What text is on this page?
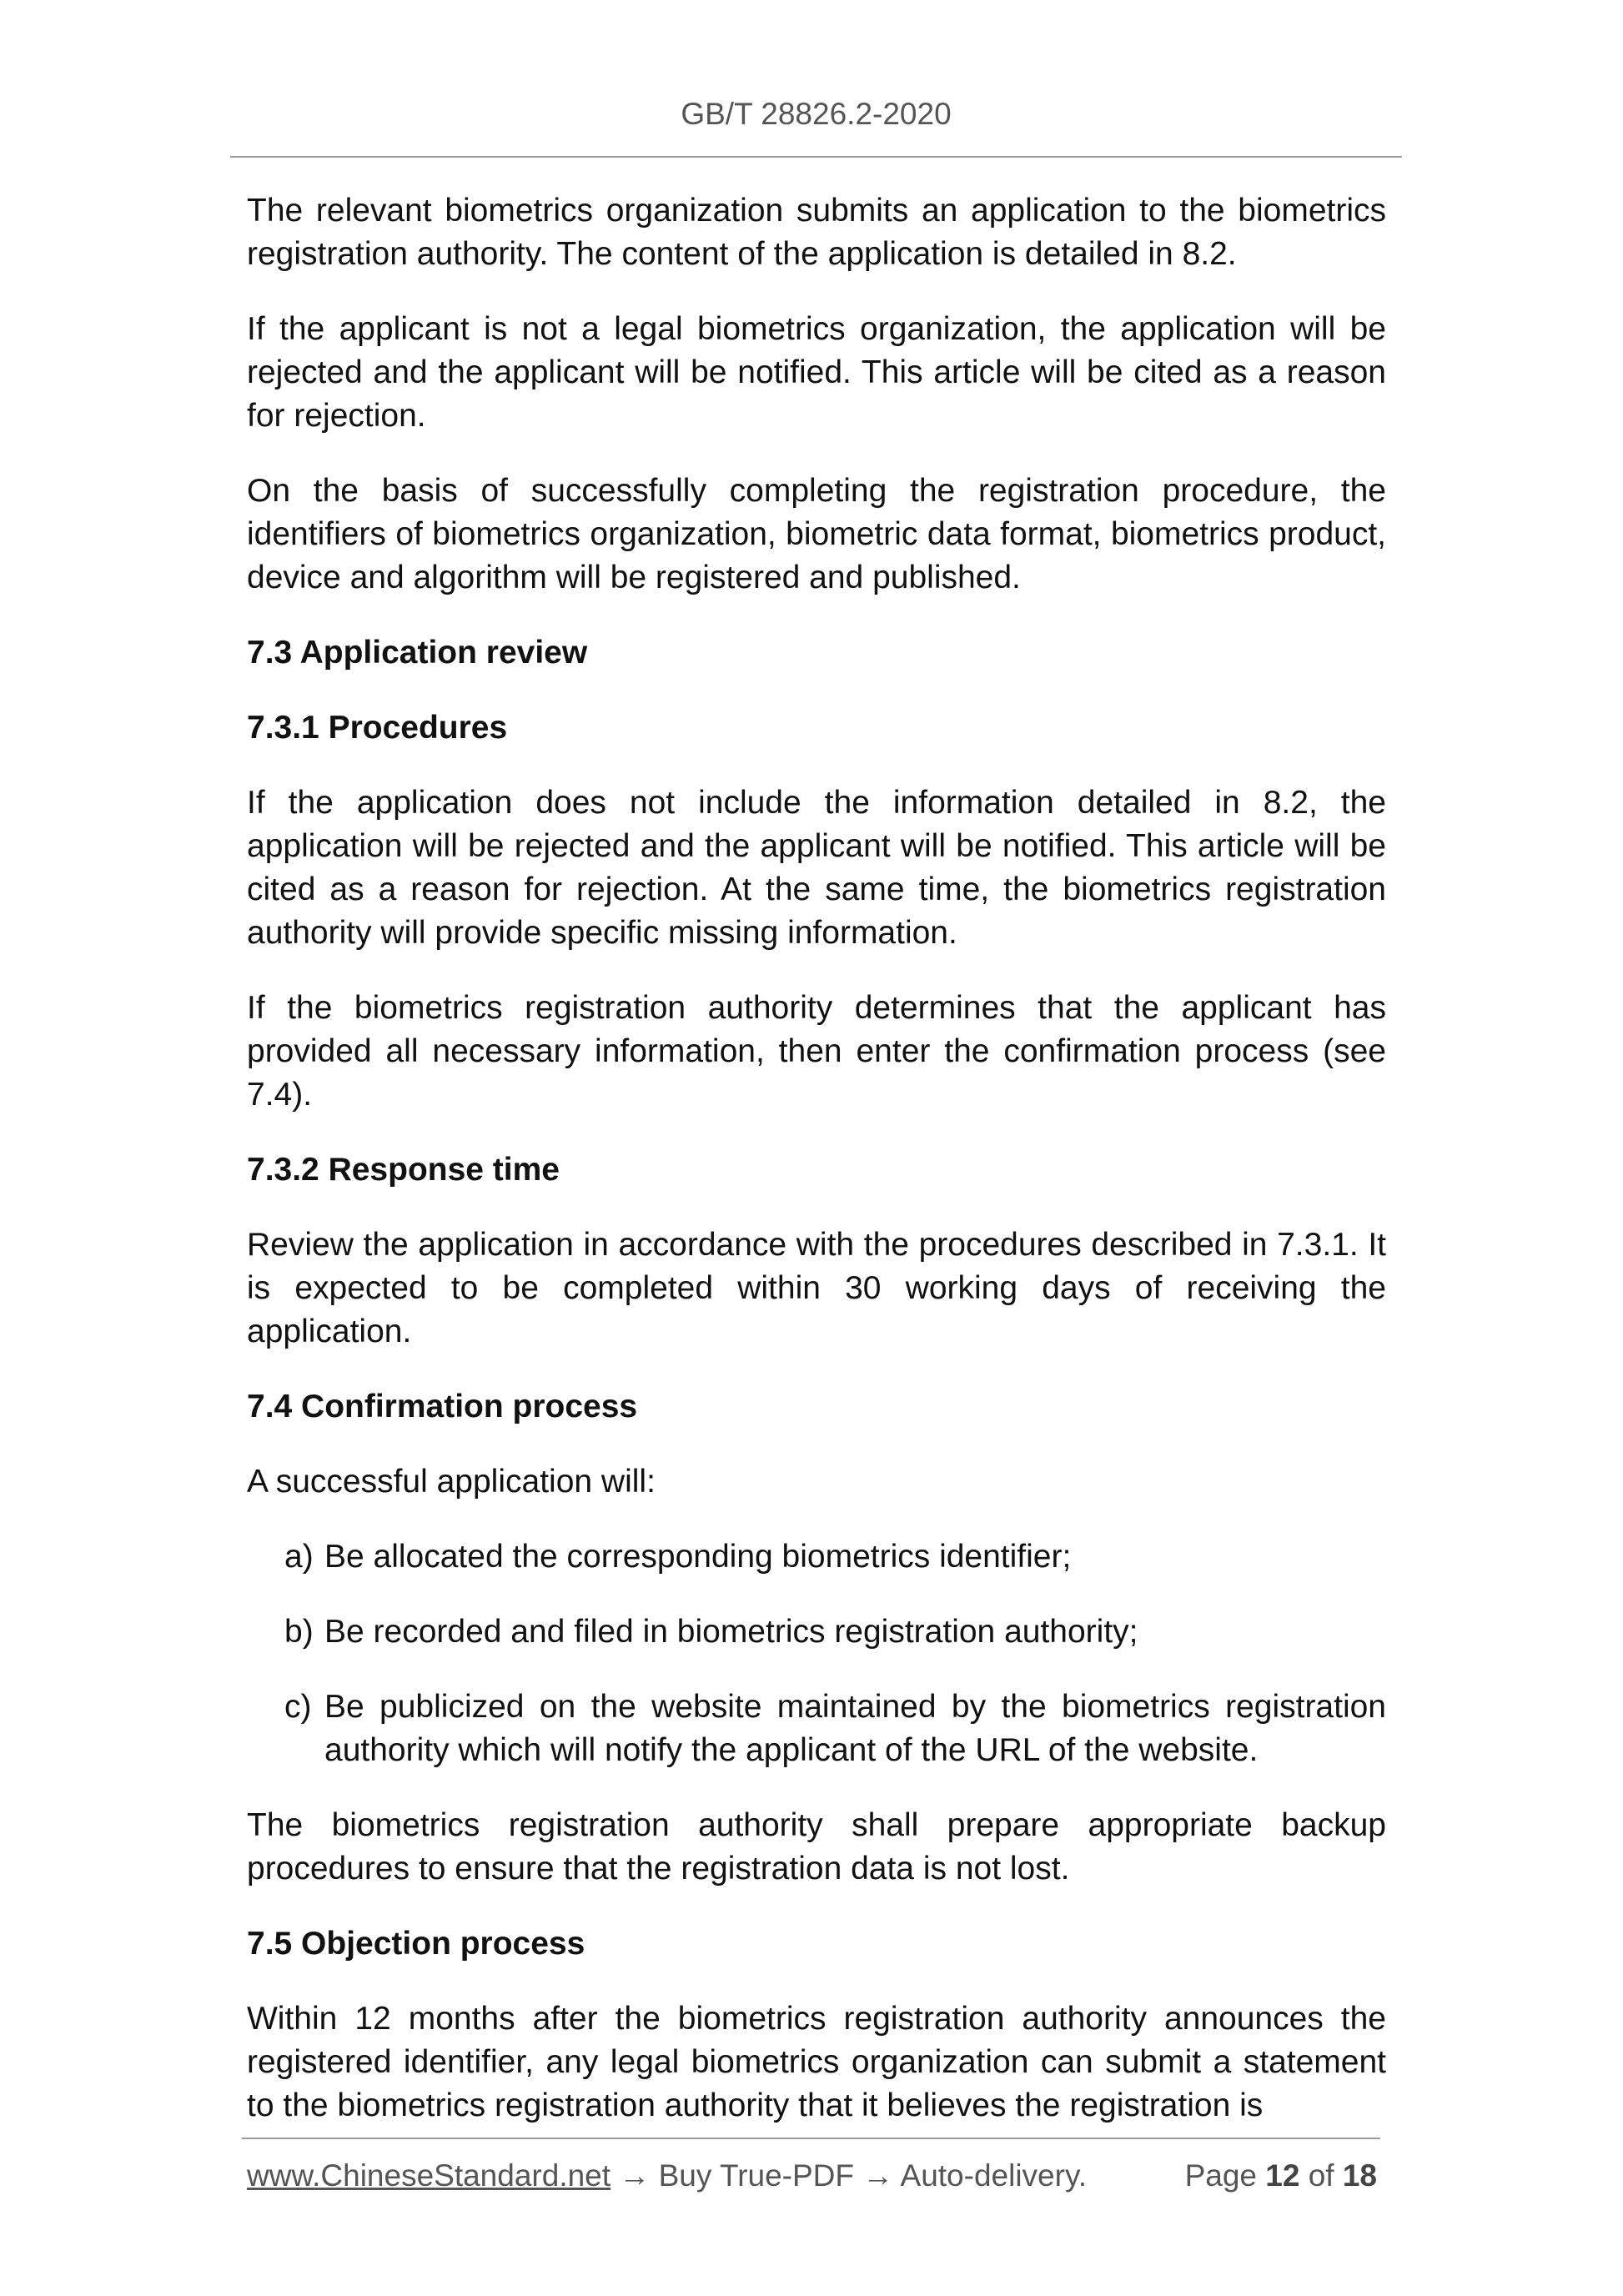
GB/T 28826.2-2020

The relevant biometrics organization submits an application to the biometrics registration authority. The content of the application is detailed in 8.2.

If the applicant is not a legal biometrics organization, the application will be rejected and the applicant will be notified. This article will be cited as a reason for rejection.

On the basis of successfully completing the registration procedure, the identifiers of biometrics organization, biometric data format, biometrics product, device and algorithm will be registered and published.

7.3 Application review
7.3.1 Procedures

If the application does not include the information detailed in 8.2, the application will be rejected and the applicant will be notified. This article will be cited as a reason for rejection. At the same time, the biometrics registration authority will provide specific missing information.

If the biometrics registration authority determines that the applicant has provided all necessary information, then enter the confirmation process (see 7.4).

7.3.2 Response time

Review the application in accordance with the procedures described in 7.3.1. It is expected to be completed within 30 working days of receiving the application.

7.4 Confirmation process

A successful application will:

a) Be allocated the corresponding biometrics identifier;
b) Be recorded and filed in biometrics registration authority;
c) Be publicized on the website maintained by the biometrics registration authority which will notify the applicant of the URL of the website.

The biometrics registration authority shall prepare appropriate backup procedures to ensure that the registration data is not lost.

7.5 Objection process

Within 12 months after the biometrics registration authority announces the registered identifier, any legal biometrics organization can submit a statement to the biometrics registration authority that it believes the registration is

www.ChineseStandard.net → Buy True-PDF → Auto-delivery.	Page 12 of 18
